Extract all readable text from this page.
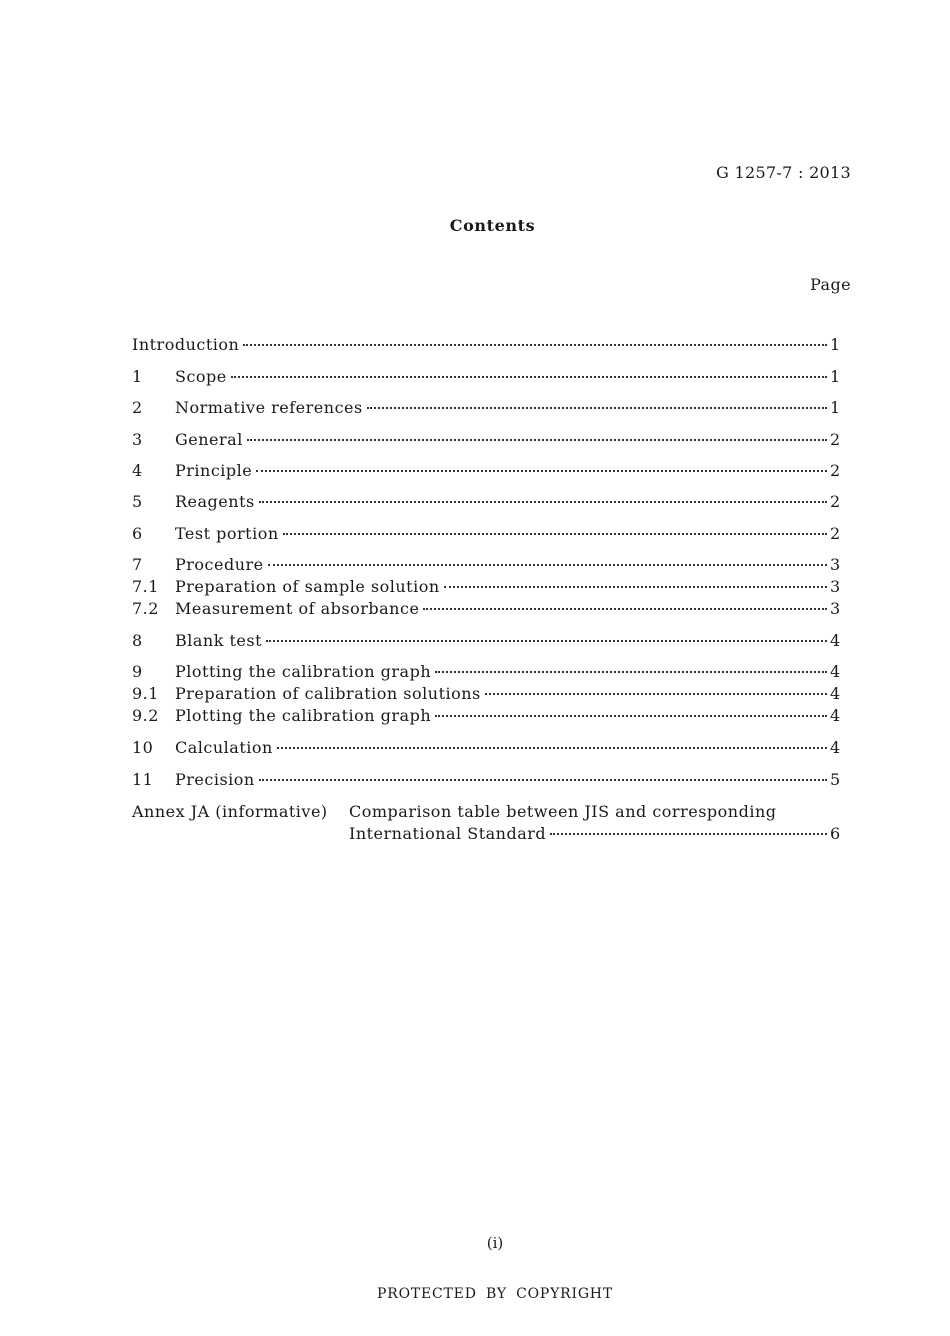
G 1257-7 : 2013
Contents
Page
Introduction	1
1	Scope	1
2	Normative references	1
3	General	2
4	Principle	2
5	Reagents	2
6	Test portion	2
7	Procedure	3
7.1	Preparation of sample solution	3
7.2	Measurement of absorbance	3
8	Blank test	4
9	Plotting the calibration graph	4
9.1	Preparation of calibration solutions	4
9.2	Plotting the calibration graph	4
10	Calculation	4
11	Precision	5
Annex JA (informative) Comparison table between JIS and corresponding
International Standard	6
(i)
PROTECTED BY COPYRIGHT
